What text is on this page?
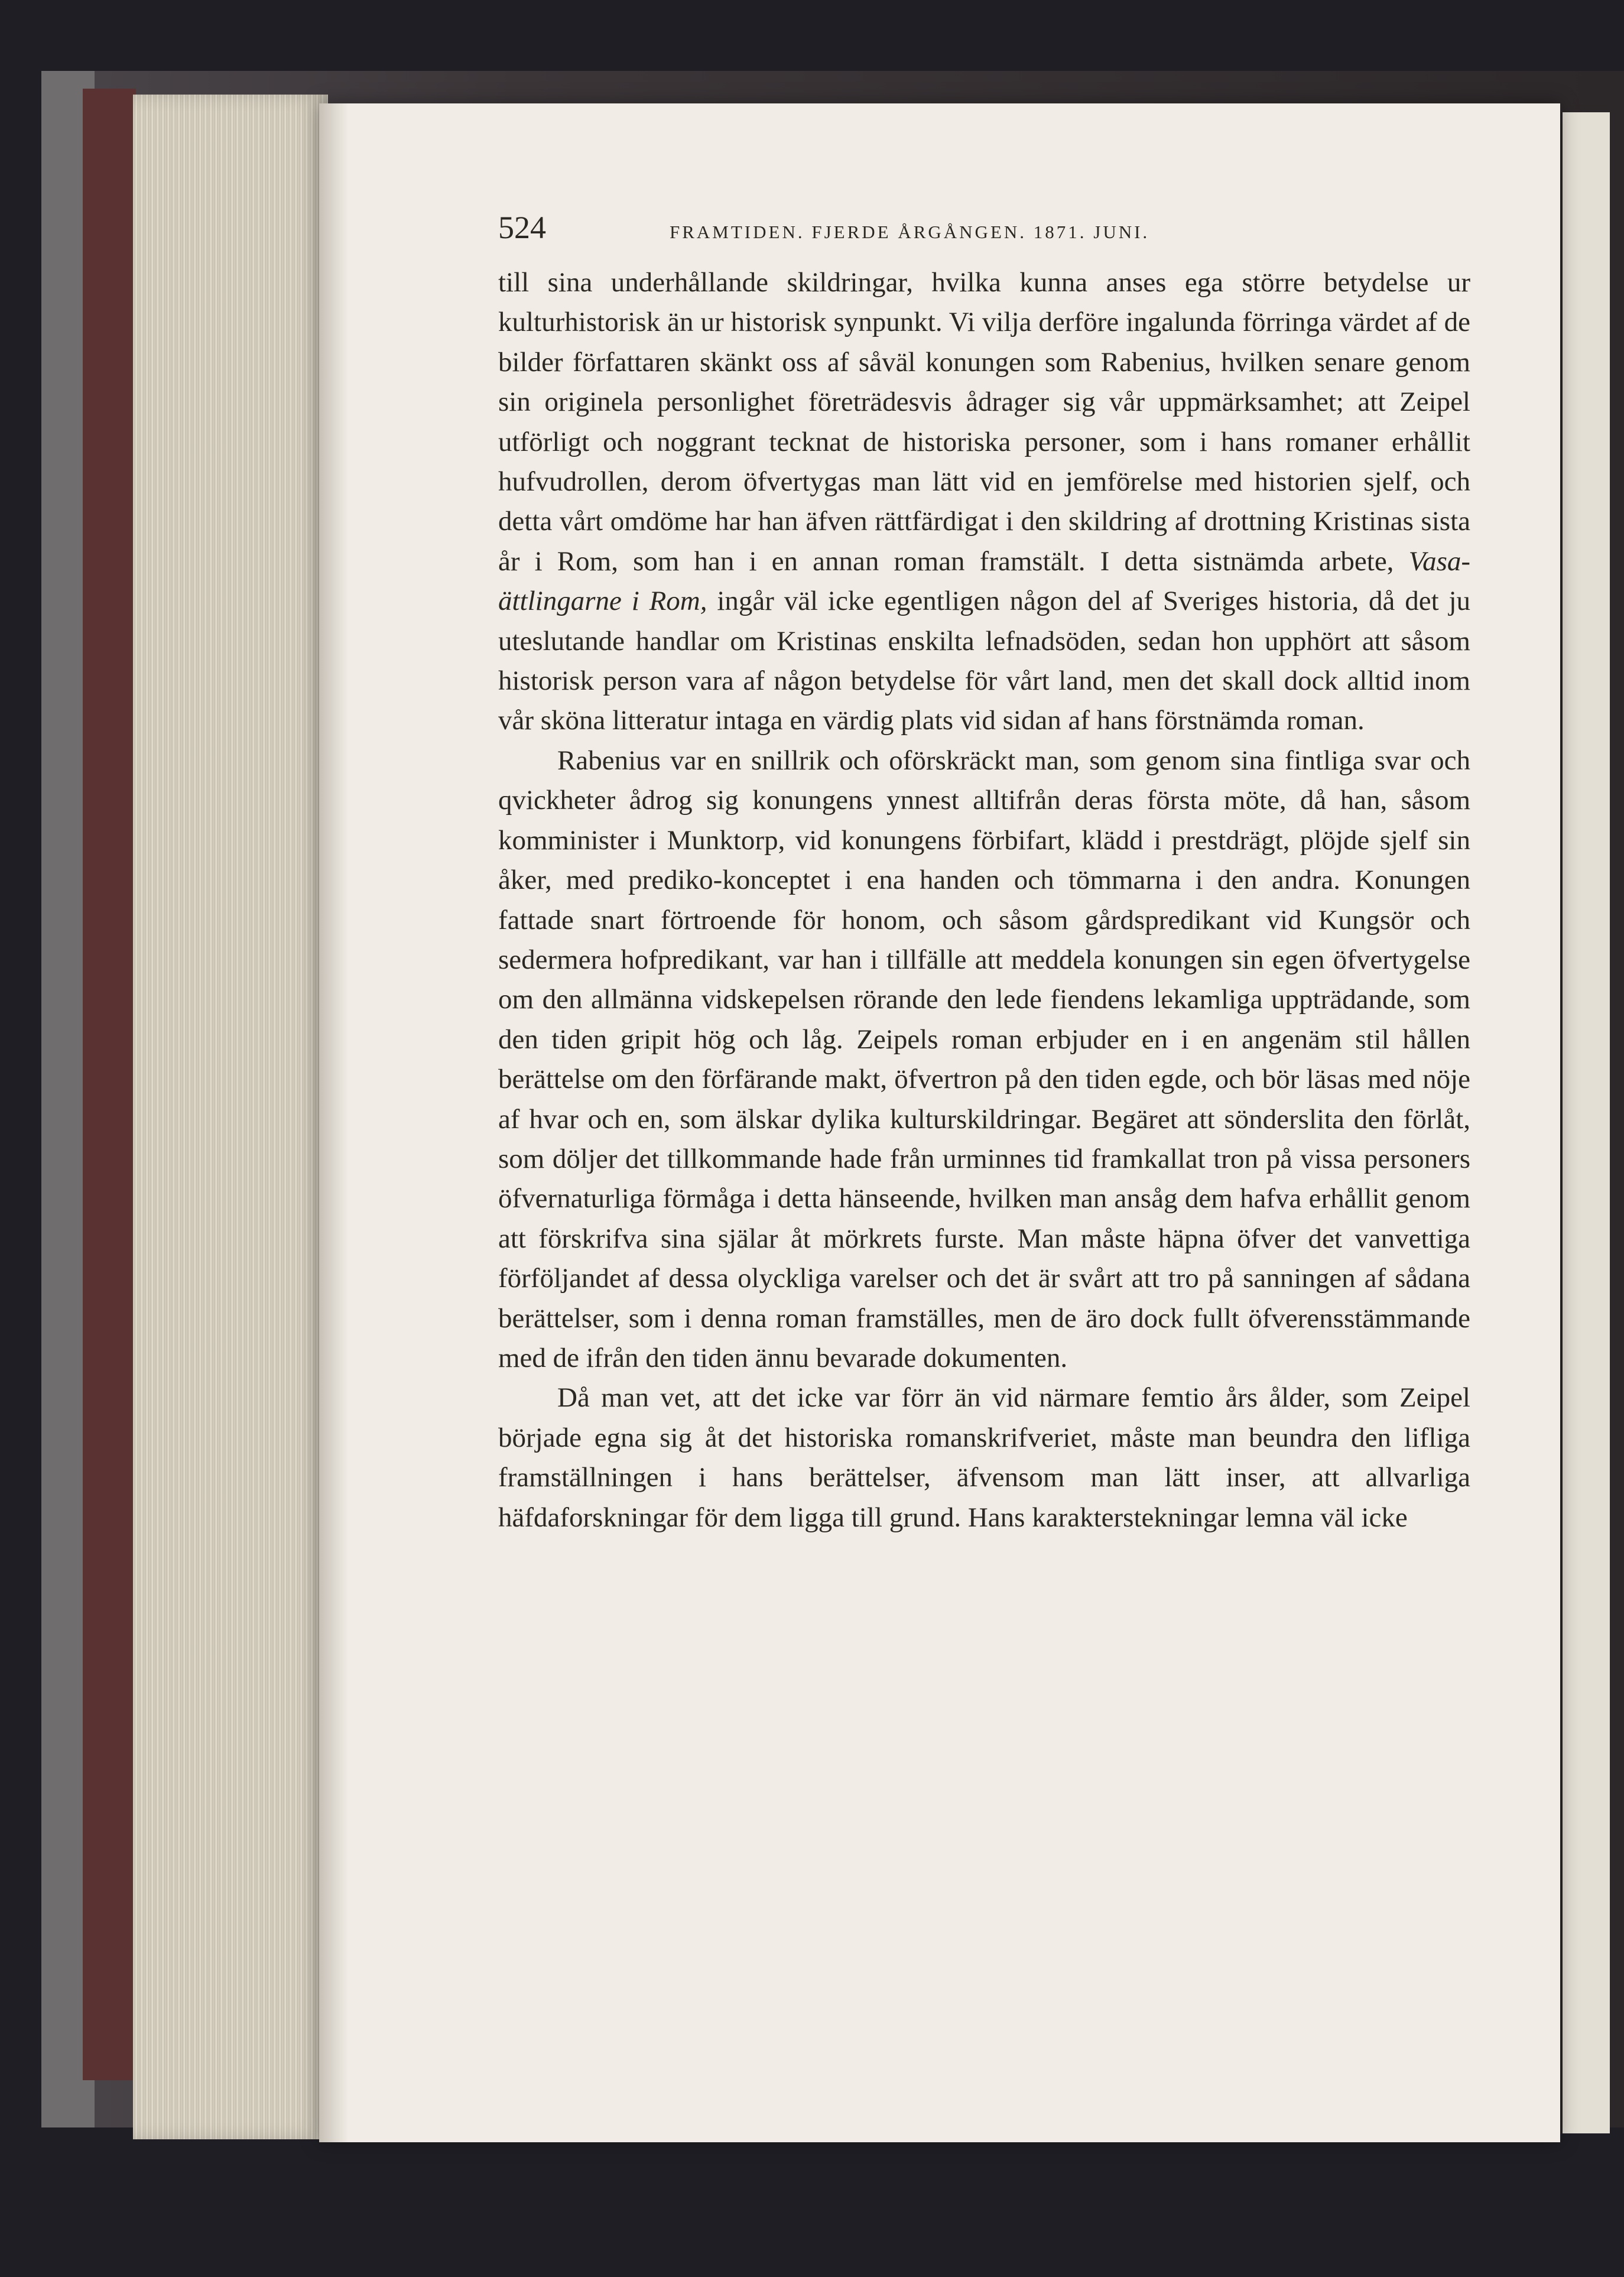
524	FRAMTIDEN. FJERDE ÅRGÅNGEN. 1871. JUNI.

till sina underhållande skildringar, hvilka kunna anses ega större betydelse ur kulturhistorisk än ur historisk synpunkt. Vi vilja derföre ingalunda förringa värdet af de bilder författaren skänkt oss af såväl konungen som Rabenius, hvilken senare genom sin originela personlighet företrädesvis ådrager sig vår uppmärksamhet; att Zeipel utförligt och noggrant tecknat de historiska personer, som i hans romaner erhållit hufvudrollen, derom öfvertygas man lätt vid en jemförelse med historien sjelf, och detta vårt omdöme har han äfven rättfärdigat i den skildring af drottning Kristinas sista år i Rom, som han i en annan roman framstält. I detta sistnämda arbete, Vasa-ättlingarne i Rom, ingår väl icke egentligen någon del af Sveriges historia, då det ju uteslutande handlar om Kristinas enskilta lefnadsöden, sedan hon upphört att såsom historisk person vara af någon betydelse för vårt land, men det skall dock alltid inom vår sköna litteratur intaga en värdig plats vid sidan af hans förstnämda roman.

Rabenius var en snillrik och oförskräckt man, som genom sina fintliga svar och qvickheter ådrog sig konungens ynnest alltifrån deras första möte, då han, såsom komminister i Munktorp, vid konungens förbifart, klädd i prestdrägt, plöjde sjelf sin åker, med prediko-konceptet i ena handen och tömmarna i den andra. Konungen fattade snart förtroende för honom, och såsom gårdspredikant vid Kungsör och sedermera hofpredikant, var han i tillfälle att meddela konungen sin egen öfvertygelse om den allmänna vidskepelsen rörande den lede fiendens lekamliga uppträdande, som den tiden gripit hög och låg. Zeipels roman erbjuder en i en angenäm stil hållen berättelse om den förfärande makt, öfvertron på den tiden egde, och bör läsas med nöje af hvar och en, som älskar dylika kulturskildringar. Begäret att sönderslita den förlåt, som döljer det tillkommande hade från urminnes tid framkallat tron på vissa personers öfvernaturliga förmåga i detta hänseende, hvilken man ansåg dem hafva erhållit genom att förskrifva sina själar åt mörkrets furste. Man måste häpna öfver det vanvettiga förföljandet af dessa olyckliga varelser och det är svårt att tro på sanningen af sådana berättelser, som i denna roman framställes, men de äro dock fullt öfverensstämmande med de ifrån den tiden ännu bevarade dokumenten.

Då man vet, att det icke var förr än vid närmare femtio års ålder, som Zeipel började egna sig åt det historiska romanskrifveriet, måste man beundra den lifliga framställningen i hans berättelser, äfvensom man lätt inser, att allvarliga häfdaforskningar för dem ligga till grund. Hans karakterstekningar lemna väl icke
